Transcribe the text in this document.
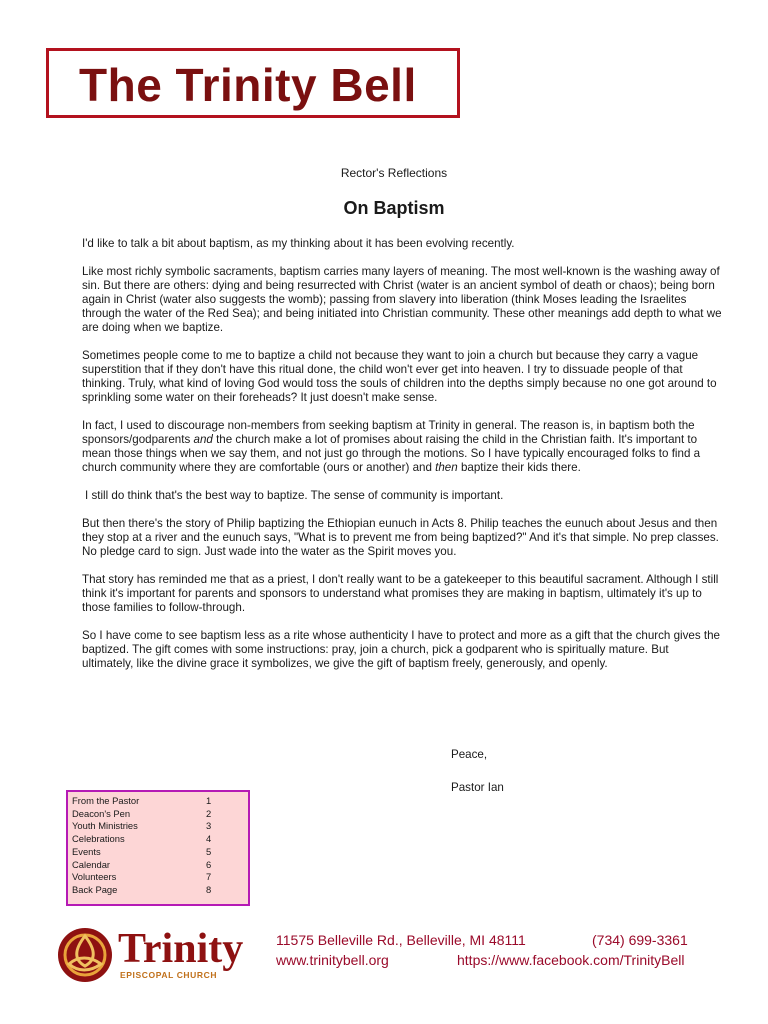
The Trinity Bell
Rector's Reflections
On Baptism

I'd like to talk a bit about baptism, as my thinking about it has been evolving recently.

Like most richly symbolic sacraments, baptism carries many layers of meaning. The most well-known is the washing away of sin. But there are others: dying and being resurrected with Christ (water is an ancient symbol of death or chaos); being born again in Christ (water also suggests the womb); passing from slavery into liberation (think Moses leading the Israelites through the water of the Red Sea); and being initiated into Christian community. These other meanings add depth to what we are doing when we baptize.

Sometimes people come to me to baptize a child not because they want to join a church but because they carry a vague superstition that if they don't have this ritual done, the child won't ever get into heaven. I try to dissuade people of that thinking. Truly, what kind of loving God would toss the souls of children into the depths simply because no one got around to sprinkling some water on their foreheads? It just doesn't make sense.

In fact, I used to discourage non-members from seeking baptism at Trinity in general. The reason is, in baptism both the sponsors/godparents and the church make a lot of promises about raising the child in the Christian faith. It's important to mean those things when we say them, and not just go through the motions. So I have typically encouraged folks to find a church community where they are comfortable (ours or another) and then baptize their kids there.

I still do think that's the best way to baptize. The sense of community is important.

But then there's the story of Philip baptizing the Ethiopian eunuch in Acts 8. Philip teaches the eunuch about Jesus and then they stop at a river and the eunuch says, "What is to prevent me from being baptized?" And it's that simple. No prep classes. No pledge card to sign. Just wade into the water as the Spirit moves you.

That story has reminded me that as a priest, I don't really want to be a gatekeeper to this beautiful sacrament. Although I still think it's important for parents and sponsors to understand what promises they are making in baptism, ultimately it's up to those families to follow-through.

So I have come to see baptism less as a rite whose authenticity I have to protect and more as a gift that the church gives the baptized. The gift comes with some instructions: pray, join a church, pick a godparent who is spiritually mature. But ultimately, like the divine grace it symbolizes, we give the gift of baptism freely, generously, and openly.

Peace,
Pastor Ian
From the Pastor	1
Deacon's Pen	2
Youth Ministries	3
Celebrations	4
Events	5
Calendar	6
Volunteers	7
Back Page	8
Trinity
EPISCOPAL CHURCH
11575 Belleville Rd., Belleville, MI 48111	(734) 699-3361
www.trinitybell.org	https://www.facebook.com/TrinityBell
